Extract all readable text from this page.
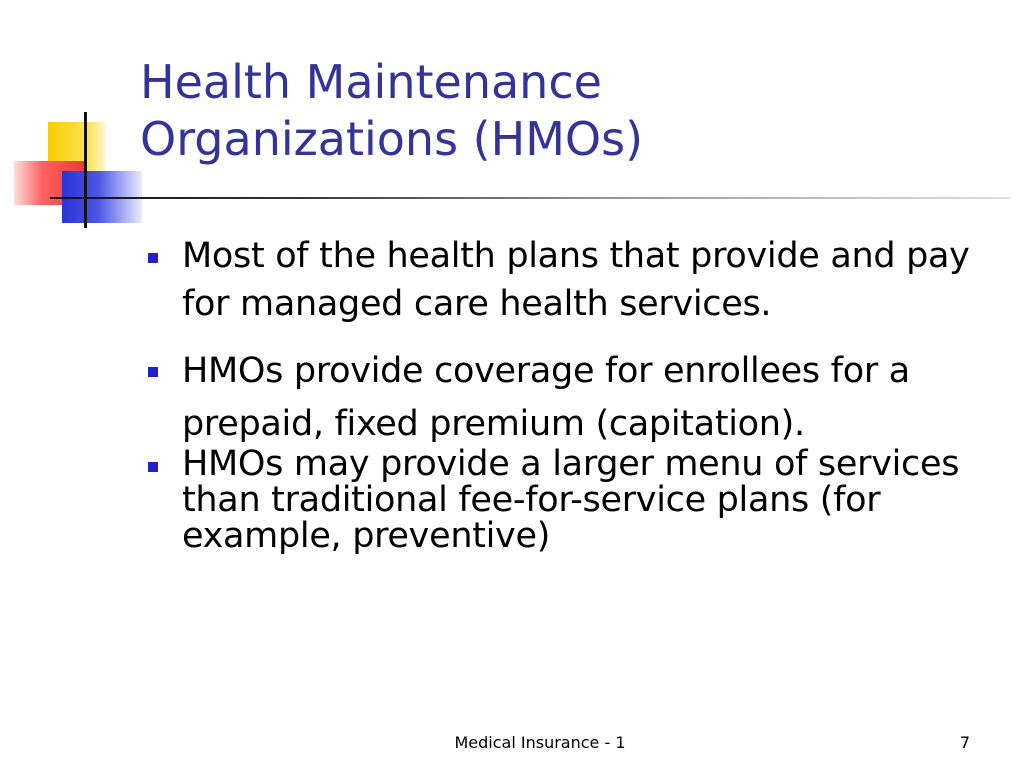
Health Maintenance
Organizations (HMOs)
Most of the health plans that provide and pay for managed care health services.
HMOs provide coverage for enrollees for a prepaid, fixed premium (capitation).
HMOs may provide a larger menu of services than traditional fee-for-service plans (for example, preventive)
Medical Insurance - 1	7
